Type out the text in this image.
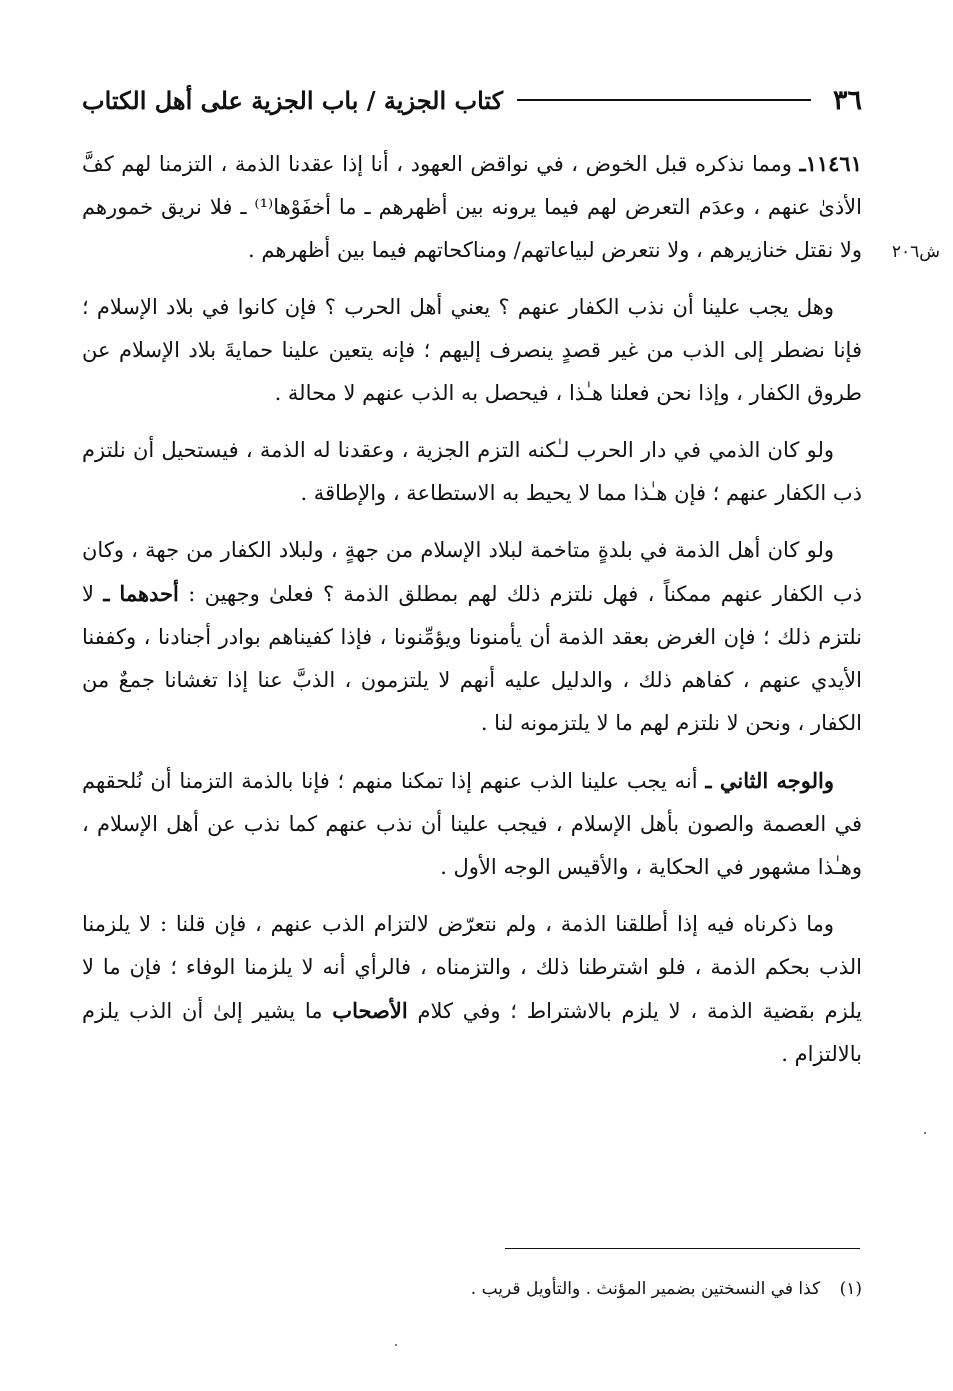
٣٦
كتاب الجزية / باب الجزية على أهل الكتاب
ش٢٠٦

١١٤٦١ـ ومما نذكره قبل الخوض ، في نواقض العهود ، أنا إذا عقدنا الذمة ، التزمنا لهم كفَّ الأذىٰ عنهم ، وعدَم التعرض لهم فيما يرونه بين أظهرهم ـ ما أخفَوْها⁽¹⁾ ـ فلا نريق خمورهم ولا نقتل خنازيرهم ، ولا نتعرض لبياعاتهم/ ومناكحاتهم فيما بين أظهرهم .

وهل يجب علينا أن نذب الكفار عنهم ؟ يعني أهل الحرب ؟ فإن كانوا في بلاد الإسلام ؛ فإنا نضطر إلى الذب من غير قصدٍ ينصرف إليهم ؛ فإنه يتعين علينا حمايةَ بلاد الإسلام عن طروق الكفار ، وإذا نحن فعلنا هـٰذا ، فيحصل به الذب عنهم لا محالة .

ولو كان الذمي في دار الحرب لـٰكنه التزم الجزية ، وعقدنا له الذمة ، فيستحيل أن نلتزم ذب الكفار عنهم ؛ فإن هـٰذا مما لا يحيط به الاستطاعة ، والإطاقة .

ولو كان أهل الذمة في بلدةٍ متاخمة لبلاد الإسلام من جهةٍ ، ولبلاد الكفار من جهة ، وكان ذب الكفار عنهم ممكناً ، فهل نلتزم ذلك لهم بمطلق الذمة ؟ فعلىٰ وجهين : أحدهما ـ لا نلتزم ذلك ؛ فإن الغرض بعقد الذمة أن يأمنونا ويؤمِّنونا ، فإذا كفيناهم بوادر أجنادنا ، وكففنا الأيدي عنهم ، كفاهم ذلك ، والدليل عليه أنهم لا يلتزمون ، الذبَّ عنا إذا تغشانا جمعٌ من الكفار ، ونحن لا نلتزم لهم ما لا يلتزمونه لنا .

والوجه الثاني ـ أنه يجب علينا الذب عنهم إذا تمكنا منهم ؛ فإنا بالذمة التزمنا أن نُلحقهم في العصمة والصون بأهل الإسلام ، فيجب علينا أن نذب عنهم كما نذب عن أهل الإسلام ، وهـٰذا مشهور في الحكاية ، والأقيس الوجه الأول .

وما ذكرناه فيه إذا أطلقنا الذمة ، ولم نتعرّض لالتزام الذب عنهم ، فإن قلنا : لا يلزمنا الذب بحكم الذمة ، فلو اشترطنا ذلك ، والتزمناه ، فالرأي أنه لا يلزمنا الوفاء ؛ فإن ما لا يلزم بقضية الذمة ، لا يلزم بالاشتراط ؛ وفي كلام الأصحاب ما يشير إلىٰ أن الذب يلزم بالالتزام .

(١) كذا في النسختين بضمير المؤنث . والتأويل قريب .
